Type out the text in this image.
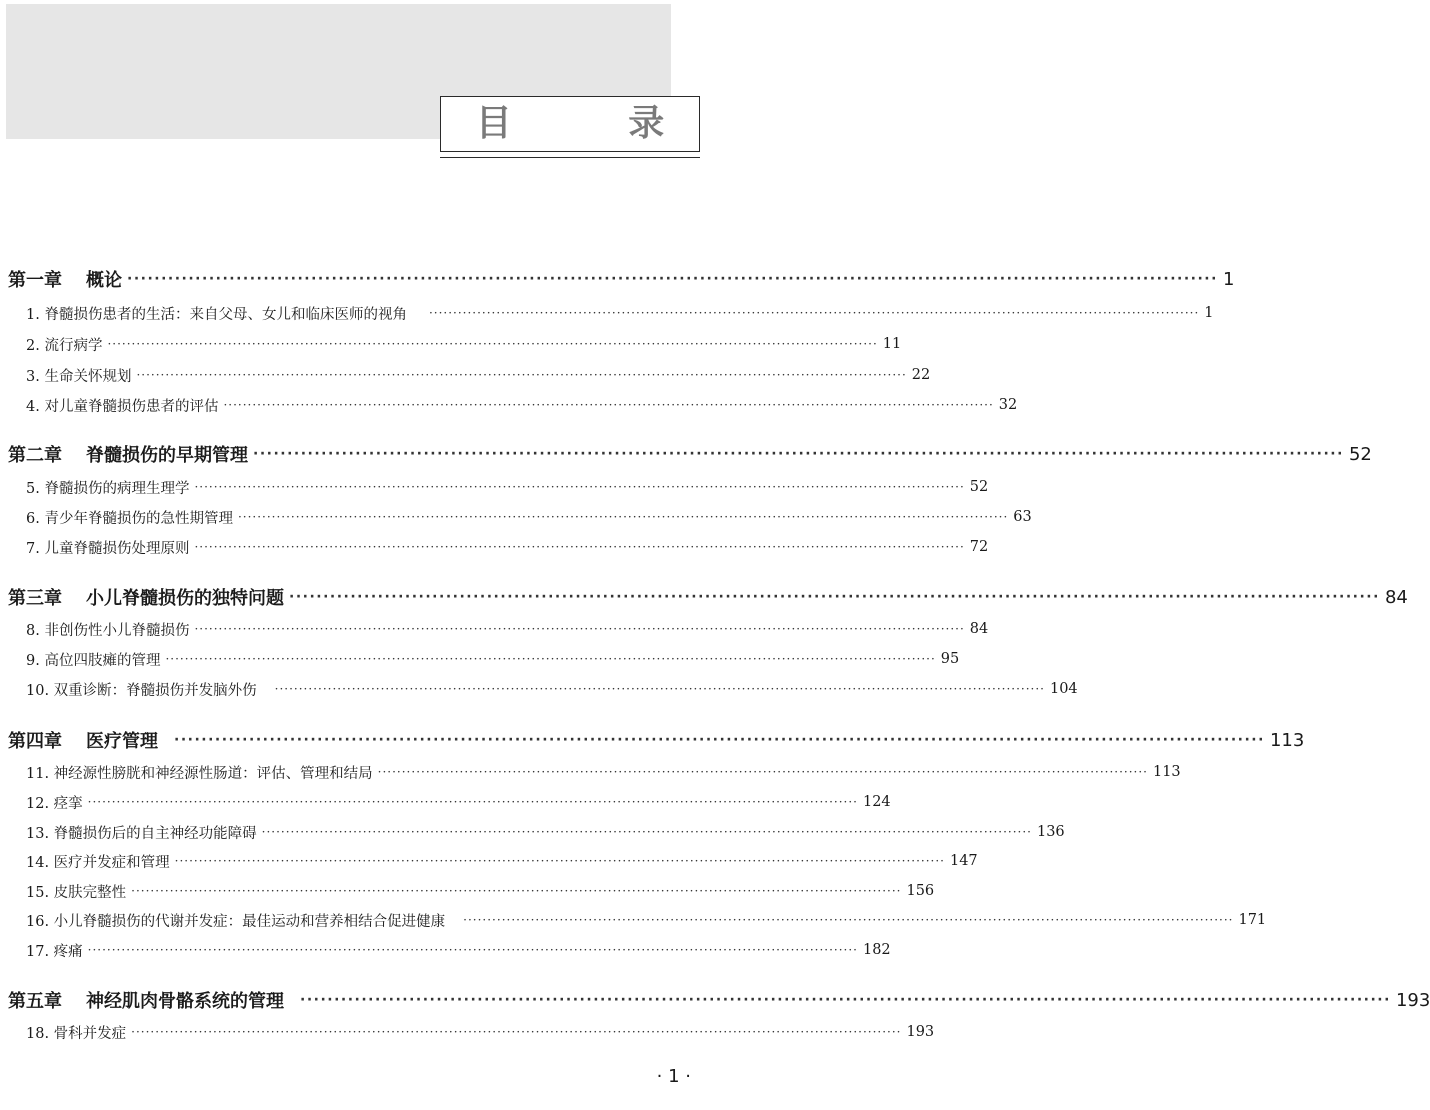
目 录
第一章 概论 ································································································································································ 1
1. 脊髓损伤患者的生活：来自父母、女儿和临床医师的视角 ································································································································································ 1
2. 流行病学 ································································································································································ 11
3. 生命关怀规划 ································································································································································ 22
4. 对儿童脊髓损伤患者的评估 ································································································································································ 32
第二章 脊髓损伤的早期管理 ································································································································································ 52
5. 脊髓损伤的病理生理学 ································································································································································ 52
6. 青少年脊髓损伤的急性期管理 ································································································································································ 63
7. 儿童脊髓损伤处理原则 ································································································································································ 72
第三章 小儿脊髓损伤的独特问题 ································································································································································ 84
8. 非创伤性小儿脊髓损伤 ································································································································································ 84
9. 高位四肢瘫的管理 ································································································································································ 95
10. 双重诊断：脊髓损伤并发脑外伤 ································································································································································ 104
第四章 医疗管理 ································································································································································ 113
11. 神经源性膀胱和神经源性肠道：评估、管理和结局 ································································································································································ 113
12. 痉挛 ································································································································································ 124
13. 脊髓损伤后的自主神经功能障碍 ································································································································································ 136
14. 医疗并发症和管理 ································································································································································ 147
15. 皮肤完整性 ································································································································································ 156
16. 小儿脊髓损伤的代谢并发症：最佳运动和营养相结合促进健康 ································································································································································ 171
17. 疼痛 ································································································································································ 182
第五章 神经肌肉骨骼系统的管理 ································································································································································ 193
18. 骨科并发症 ································································································································································ 193
· 1 ·
